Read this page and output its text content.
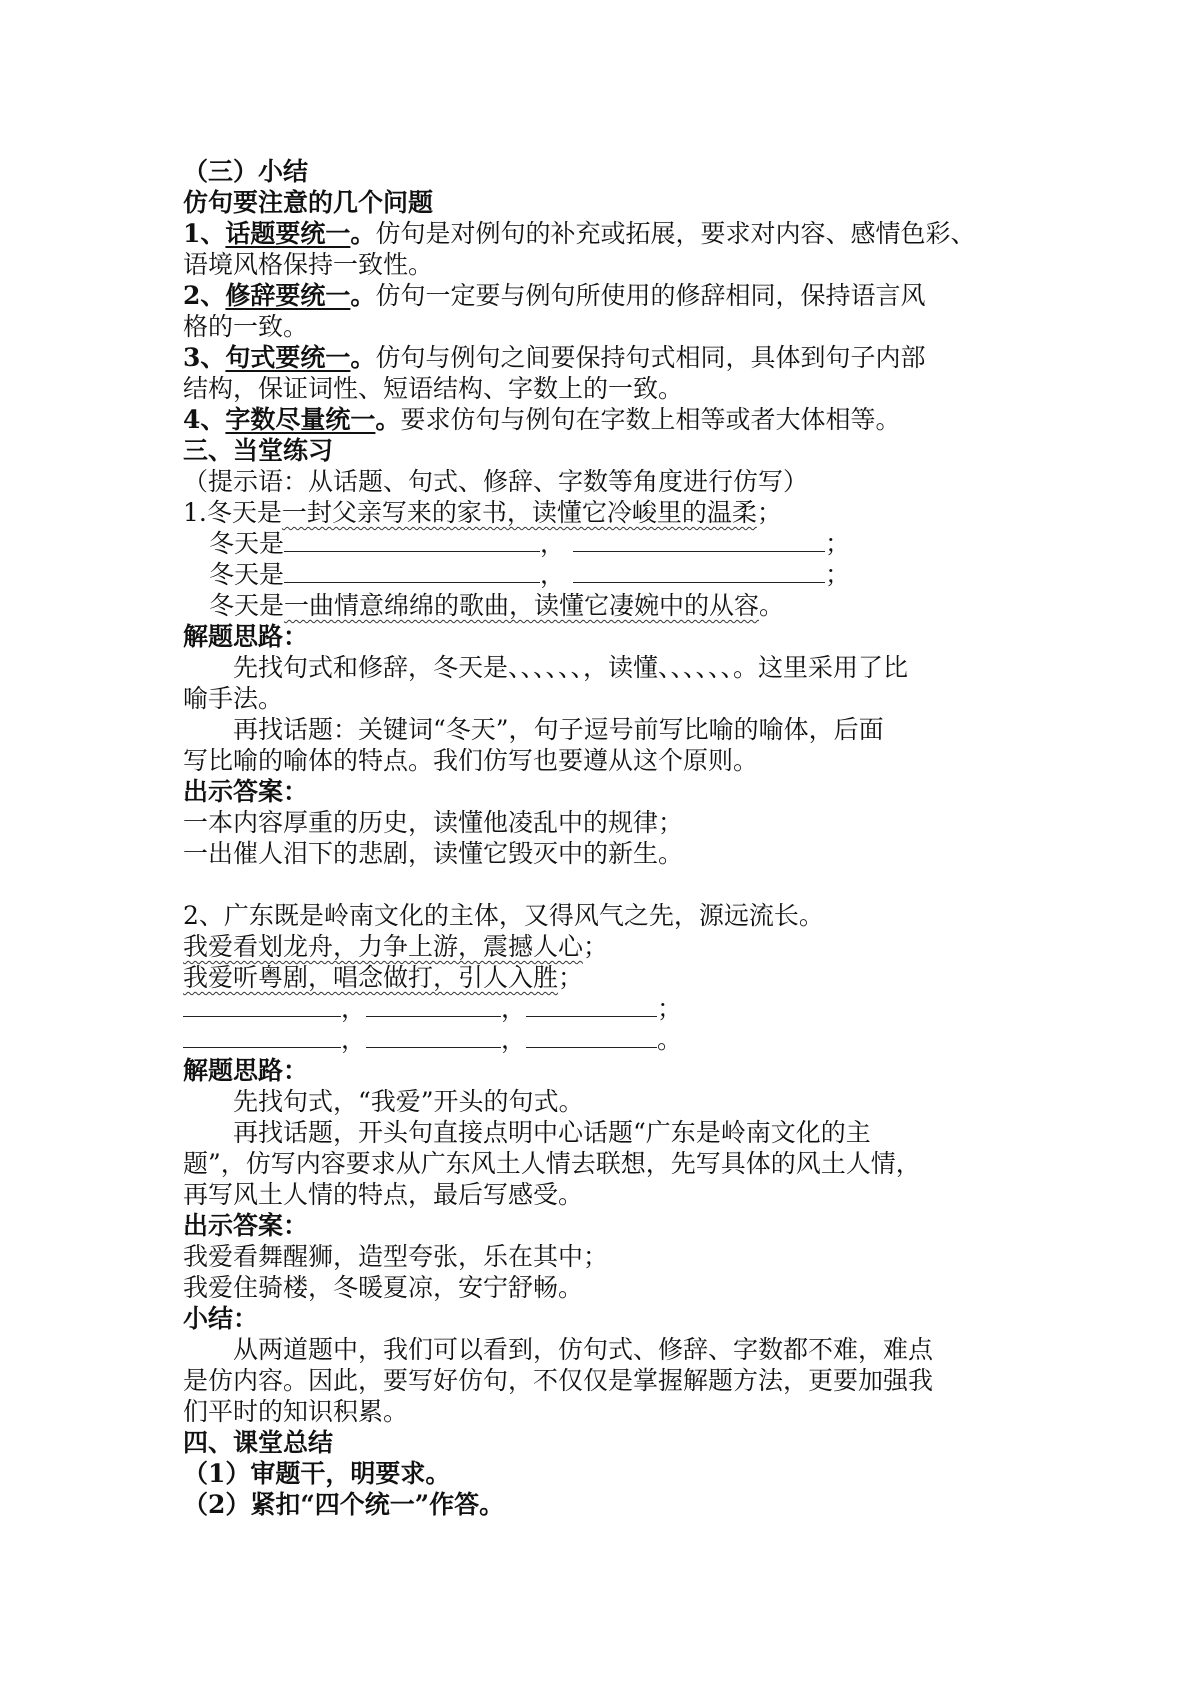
（三）小结
仿句要注意的几个问题
1、话题要统一。仿句是对例句的补充或拓展，要求对内容、感情色彩、
语境风格保持一致性。
2、修辞要统一。仿句一定要与例句所使用的修辞相同，保持语言风
格的一致。
3、句式要统一。仿句与例句之间要保持句式相同，具体到句子内部
结构，保证词性、短语结构、字数上的一致。
4、字数尽量统一。要求仿句与例句在字数上相等或者大体相等。
三、当堂练习
（提示语：从话题、句式、修辞、字数等角度进行仿写）
1.冬天是一封父亲写来的家书，读懂它冷峻里的温柔；
冬天是	，	；
冬天是	，	；
冬天是一曲情意绵绵的歌曲，读懂它凄婉中的从容。
解题思路：
先找句式和修辞，冬天是、、、、、、，读懂、、、、、、。这里采用了比
喻手法。
再找话题：关键词“冬天”，句子逗号前写比喻的喻体，后面
写比喻的喻体的特点。我们仿写也要遵从这个原则。
出示答案：
一本内容厚重的历史，读懂他凌乱中的规律；
一出催人泪下的悲剧，读懂它毁灭中的新生。
2、广东既是岭南文化的主体，又得风气之先，源远流长。
我爱看划龙舟，力争上游，震撼人心；
我爱听粤剧，唱念做打，引人入胜；
，	，	；
，	，	。
解题思路：
先找句式，“我爱”开头的句式。
再找话题，开头句直接点明中心话题“广东是岭南文化的主
题”，仿写内容要求从广东风土人情去联想，先写具体的风土人情，
再写风土人情的特点，最后写感受。
出示答案：
我爱看舞醒狮，造型夸张，乐在其中；
我爱住骑楼，冬暖夏凉，安宁舒畅。
小结：
从两道题中，我们可以看到，仿句式、修辞、字数都不难，难点
是仿内容。因此，要写好仿句，不仅仅是掌握解题方法，更要加强我
们平时的知识积累。
四、课堂总结
（1）审题干，明要求。
（2）紧扣“四个统一”作答。
